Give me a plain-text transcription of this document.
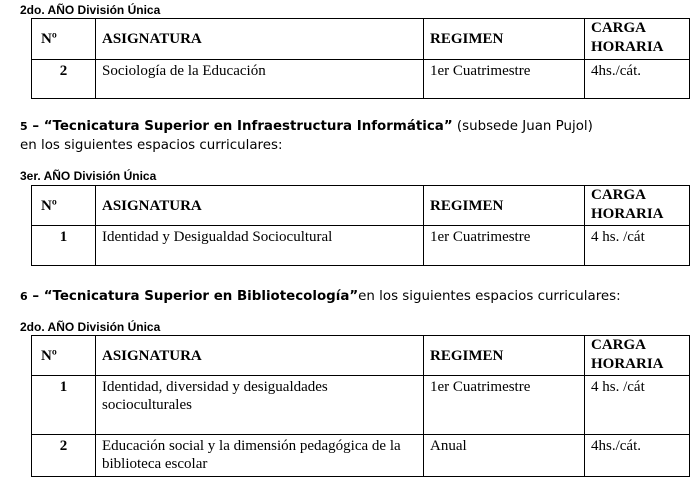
2do. AÑO División Única
Nº	ASIGNATURA	REGIMEN	CARGA
HORARIA
2	Sociología de la Educación	1er Cuatrimestre	4hs./cát.
5 – “Tecnicatura Superior en Infraestructura Informática” (subsede Juan Pujol)
en los siguientes espacios curriculares:
3er. AÑO División Única
Nº	ASIGNATURA	REGIMEN	CARGA
HORARIA
1	Identidad y Desigualdad Sociocultural	1er Cuatrimestre	4 hs. /cát
6 – “Tecnicatura Superior en Bibliotecología”en los siguientes espacios curriculares:
2do. AÑO División Única
Nº	ASIGNATURA	REGIMEN	CARGA
HORARIA
1	Identidad, diversidad y desigualdades socioculturales	1er Cuatrimestre	4 hs. /cát
2	Educación social y la dimensión pedagógica de la biblioteca escolar	Anual	4hs./cát.
